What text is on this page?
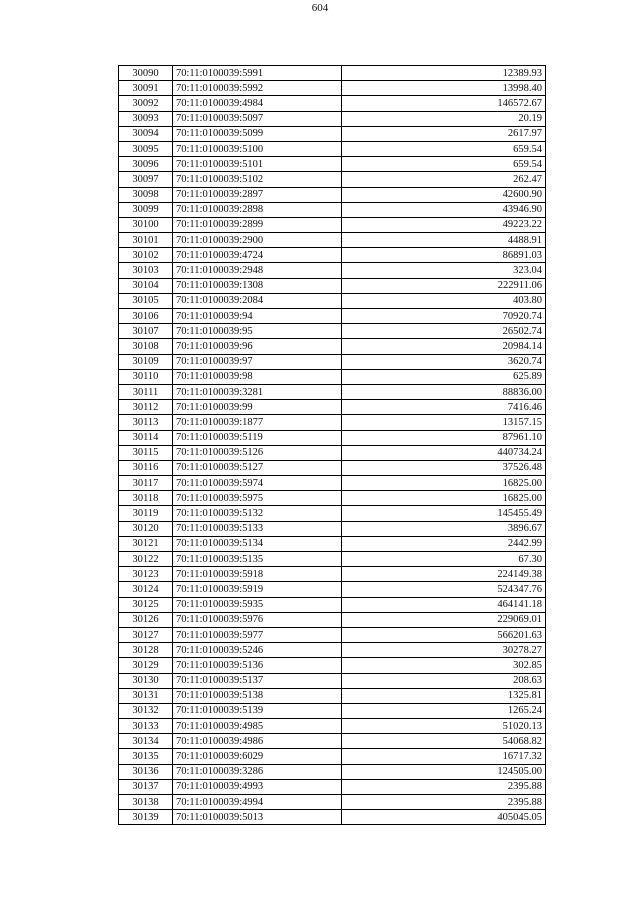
604
30090	70:11:0100039:5991	12389.93
30091	70:11:0100039:5992	13998.40
30092	70:11:0100039:4984	146572.67
30093	70:11:0100039:5097	20.19
30094	70:11:0100039:5099	2617.97
30095	70:11:0100039:5100	659.54
30096	70:11:0100039:5101	659.54
30097	70:11:0100039:5102	262.47
30098	70:11:0100039:2897	42600.90
30099	70:11:0100039:2898	43946.90
30100	70:11:0100039:2899	49223.22
30101	70:11:0100039:2900	4488.91
30102	70:11:0100039:4724	86891.03
30103	70:11:0100039:2948	323.04
30104	70:11:0100039:1308	222911.06
30105	70:11:0100039:2084	403.80
30106	70:11:0100039:94	70920.74
30107	70:11:0100039:95	26502.74
30108	70:11:0100039:96	20984.14
30109	70:11:0100039:97	3620.74
30110	70:11:0100039:98	625.89
30111	70:11:0100039:3281	88836.00
30112	70:11:0100039:99	7416.46
30113	70:11:0100039:1877	13157.15
30114	70:11:0100039:5119	87961.10
30115	70:11:0100039:5126	440734.24
30116	70:11:0100039:5127	37526.48
30117	70:11:0100039:5974	16825.00
30118	70:11:0100039:5975	16825.00
30119	70:11:0100039:5132	145455.49
30120	70:11:0100039:5133	3896.67
30121	70:11:0100039:5134	2442.99
30122	70:11:0100039:5135	67.30
30123	70:11:0100039:5918	224149.38
30124	70:11:0100039:5919	524347.76
30125	70:11:0100039:5935	464141.18
30126	70:11:0100039:5976	229069.01
30127	70:11:0100039:5977	566201.63
30128	70:11:0100039:5246	30278.27
30129	70:11:0100039:5136	302.85
30130	70:11:0100039:5137	208.63
30131	70:11:0100039:5138	1325.81
30132	70:11:0100039:5139	1265.24
30133	70:11:0100039:4985	51020.13
30134	70:11:0100039:4986	54068.82
30135	70:11:0100039:6029	16717.32
30136	70:11:0100039:3286	124505.00
30137	70:11:0100039:4993	2395.88
30138	70:11:0100039:4994	2395.88
30139	70:11:0100039:5013	405045.05
